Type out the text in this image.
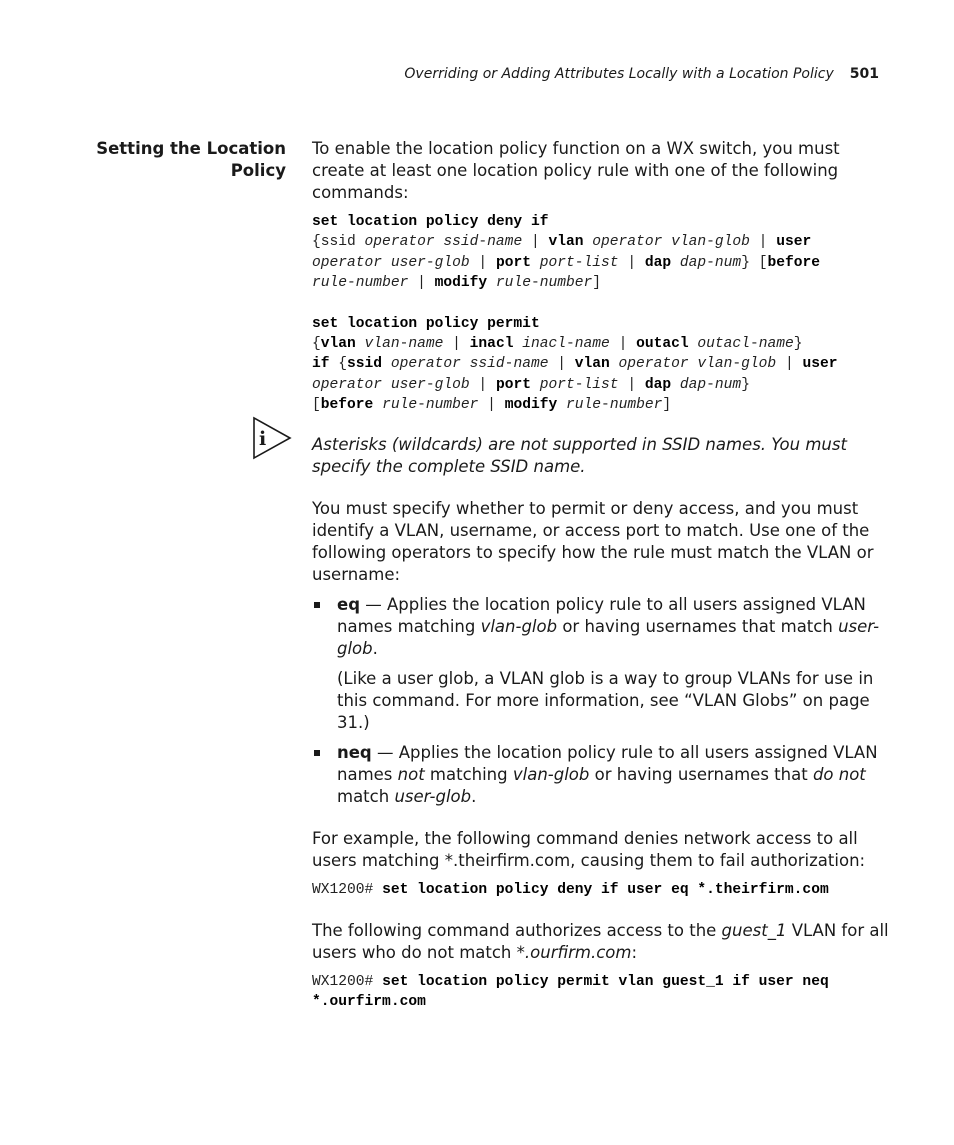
Overriding or Adding Attributes Locally with a Location Policy 501
Setting the Location
Policy
i

To enable the location policy function on a WX switch, you must create at least one location policy rule with one of the following commands:

set location policy deny if
{ssid operator ssid-name | vlan operator vlan-glob | user
operator user-glob | port port-list | dap dap-num} [before
rule-number | modify rule-number]
set location policy permit
{vlan vlan-name | inacl inacl-name | outacl outacl-name}
if {ssid operator ssid-name | vlan operator vlan-glob | user
operator user-glob | port port-list | dap dap-num}
[before rule-number | modify rule-number]

Asterisks (wildcards) are not supported in SSID names. You must specify the complete SSID name.

You must specify whether to permit or deny access, and you must identify a VLAN, username, or access port to match. Use one of the following operators to specify how the rule must match the VLAN or username:

eq — Applies the location policy rule to all users assigned VLAN names matching vlan-glob or having usernames that match user-glob.

(Like a user glob, a VLAN glob is a way to group VLANs for use in this command. For more information, see “VLAN Globs” on page 31.)

neq — Applies the location policy rule to all users assigned VLAN names not matching vlan-glob or having usernames that do not match user-glob.

For example, the following command denies network access to all users matching *.theirfirm.com, causing them to fail authorization:

WX1200# set location policy deny if user eq *.theirfirm.com

The following command authorizes access to the guest_1 VLAN for all users who do not match *.ourfirm.com:

WX1200# set location policy permit vlan guest_1 if user neq
*.ourfirm.com
